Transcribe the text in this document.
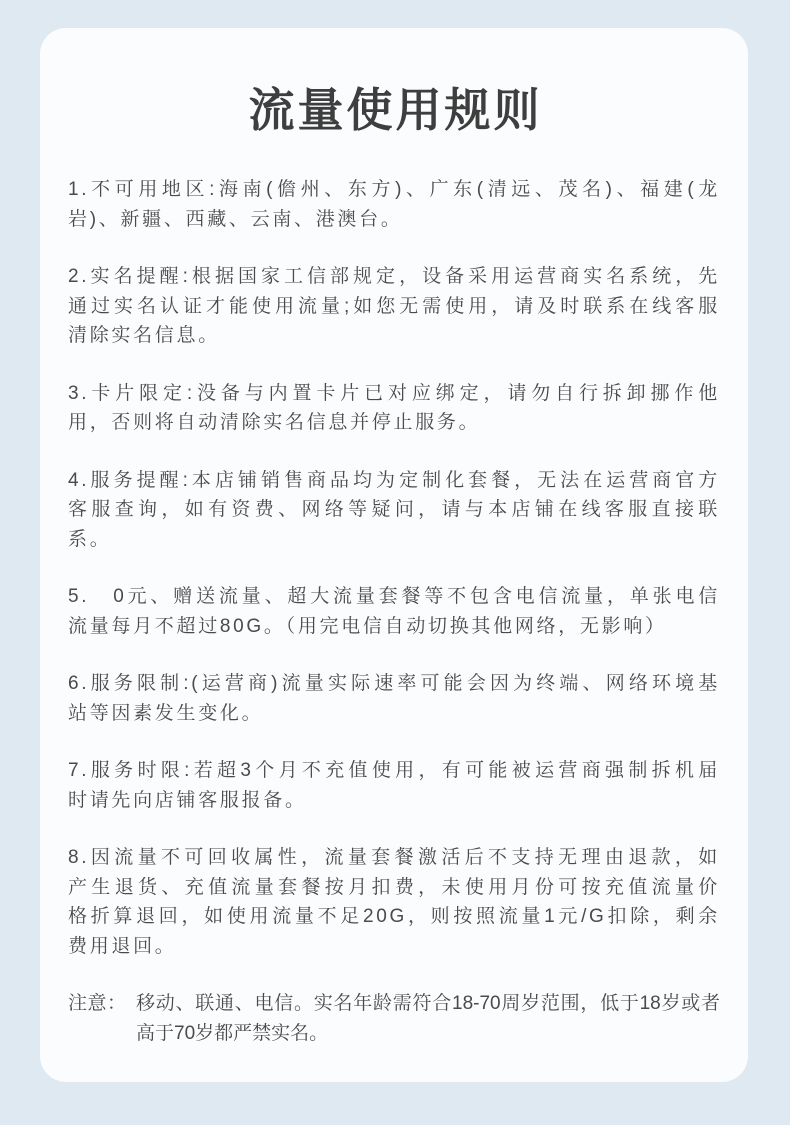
流量使用规则
1.不可用地区:海南(儋州、东方)、广东(清远、茂名)、福建(龙
岩)、新疆、西藏、云南、港澳台。
2.实名提醒:根据国家工信部规定，设备采用运营商实名系统，先
通过实名认证才能使用流量;如您无需使用，请及时联系在线客服
清除实名信息。
3.卡片限定:没备与内置卡片已对应绑定，请勿自行拆卸挪作他
用，否则将自动清除实名信息并停止服务。
4.服务提醒:本店铺销售商品均为定制化套餐，无法在运营商官方
客服查询，如有资费、网络等疑问，请与本店铺在线客服直接联
系。
5.　0元、赠送流量、超大流量套餐等不包含电信流量，单张电信
流量每月不超过80G。（用完电信自动切换其他网络，无影响）
6.服务限制:(运营商)流量实际速率可能会因为终端、网络环境基
站等因素发生变化。
7.服务时限:若超3个月不充值使用，有可能被运营商强制拆机届
时请先向店铺客服报备。
8.因流量不可回收属性，流量套餐激活后不支持无理由退款，如
产生退货、充值流量套餐按月扣费，未使用月份可按充值流量价
格折算退回，如使用流量不足20G，则按照流量1元/G扣除，剩余
费用退回。
注意： 移动、联通、电信。实名年龄需符合18-70周岁范围，低于18岁或者
高于70岁都严禁实名。
